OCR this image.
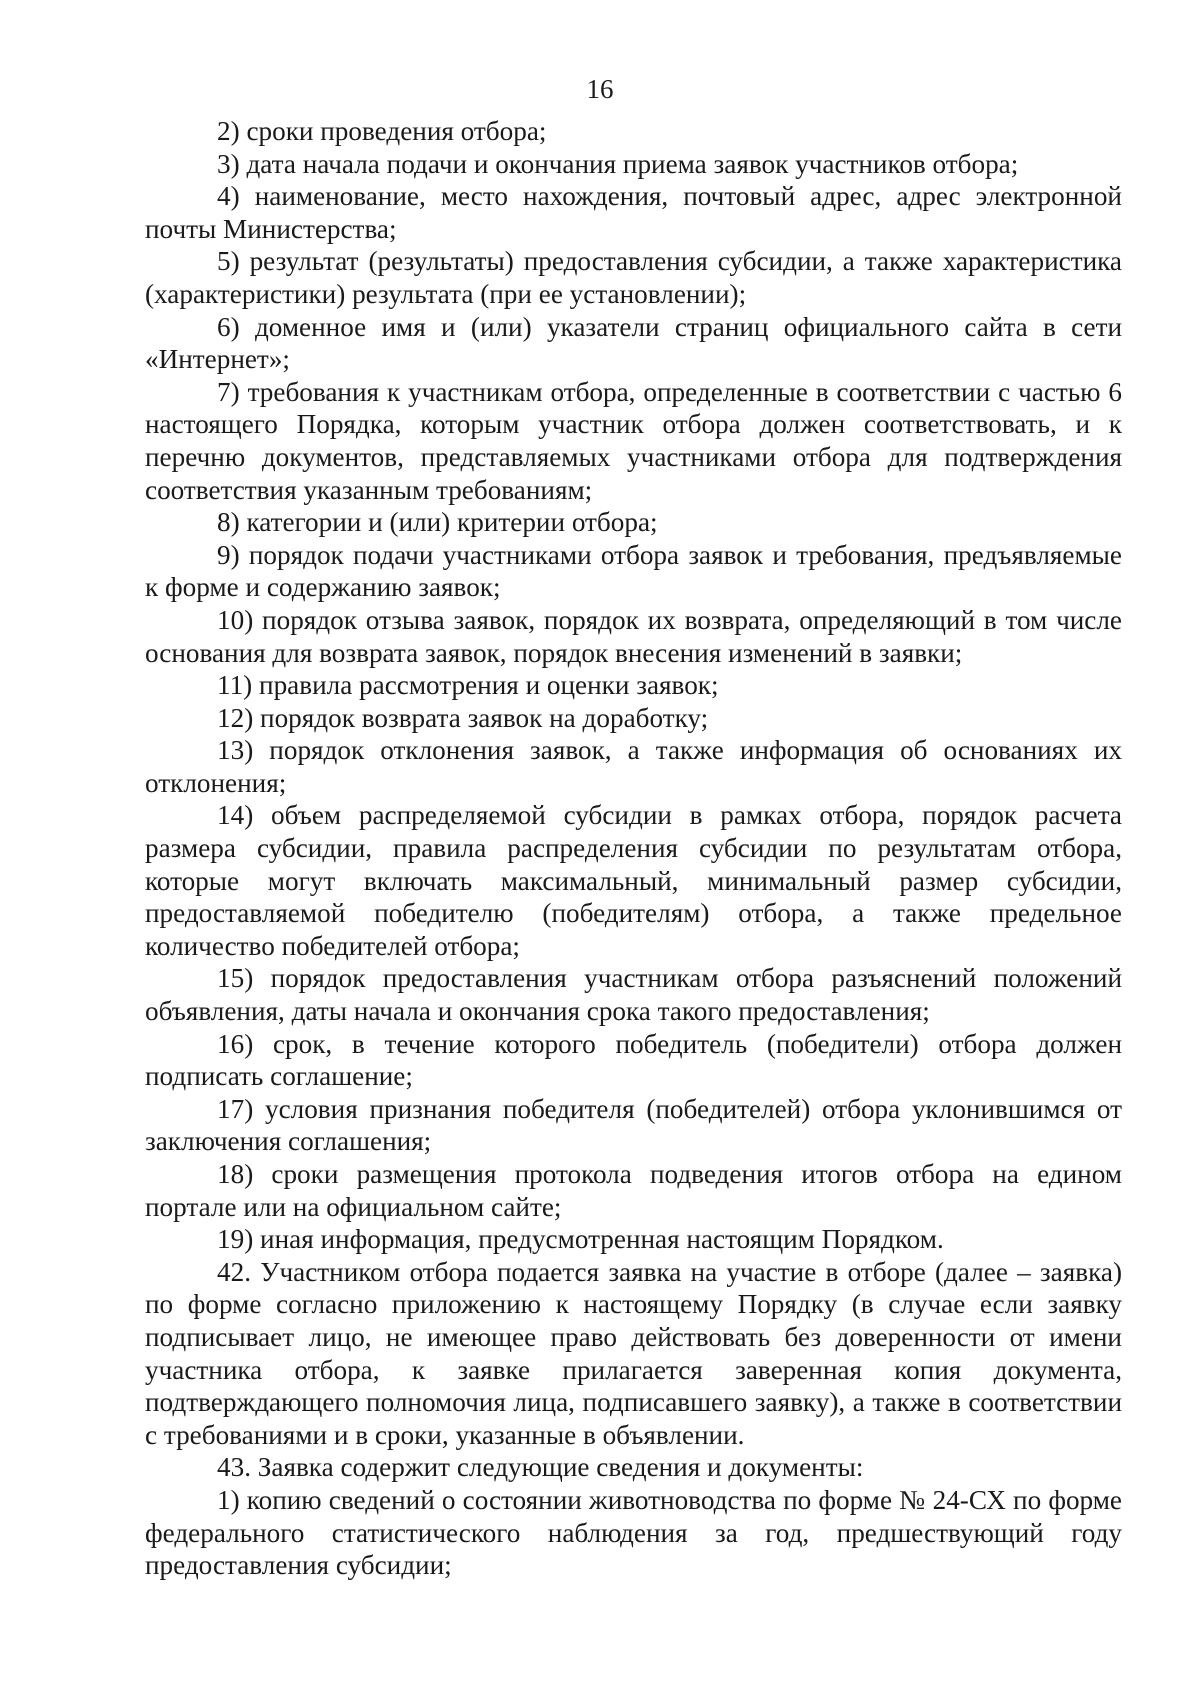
16

2) сроки проведения отбора;

3) дата начала подачи и окончания приема заявок участников отбора;

4) наименование, место нахождения, почтовый адрес, адрес электронной почты Министерства;

5) результат (результаты) предоставления субсидии, а также характеристика (характеристики) результата (при ее установлении);

6) доменное имя и (или) указатели страниц официального сайта в сети «Интернет»;

7) требования к участникам отбора, определенные в соответствии с частью 6 настоящего Порядка, которым участник отбора должен соответствовать, и к перечню документов, представляемых участниками отбора для подтверждения соответствия указанным требованиям;

8) категории и (или) критерии отбора;

9) порядок подачи участниками отбора заявок и требования, предъявляемые к форме и содержанию заявок;

10) порядок отзыва заявок, порядок их возврата, определяющий в том числе основания для возврата заявок, порядок внесения изменений в заявки;

11) правила рассмотрения и оценки заявок;

12) порядок возврата заявок на доработку;

13) порядок отклонения заявок, а также информация об основаниях их отклонения;

14) объем распределяемой субсидии в рамках отбора, порядок расчета размера субсидии, правила распределения субсидии по результатам отбора, которые могут включать максимальный, минимальный размер субсидии, предоставляемой победителю (победителям) отбора, а также предельное количество победителей отбора;

15) порядок предоставления участникам отбора разъяснений положений объявления, даты начала и окончания срока такого предоставления;

16) срок, в течение которого победитель (победители) отбора должен подписать соглашение;

17) условия признания победителя (победителей) отбора уклонившимся от заключения соглашения;

18) сроки размещения протокола подведения итогов отбора на едином портале или на официальном сайте;

19) иная информация, предусмотренная настоящим Порядком.

42. Участником отбора подается заявка на участие в отборе (далее – заявка) по форме согласно приложению к настоящему Порядку (в случае если заявку подписывает лицо, не имеющее право действовать без доверенности от имени участника отбора, к заявке прилагается заверенная копия документа, подтверждающего полномочия лица, подписавшего заявку), а также в соответствии с требованиями и в сроки, указанные в объявлении.

43. Заявка содержит следующие сведения и документы:

1) копию сведений о состоянии животноводства по форме № 24-СХ по форме федерального статистического наблюдения за год, предшествующий году предоставления субсидии;
